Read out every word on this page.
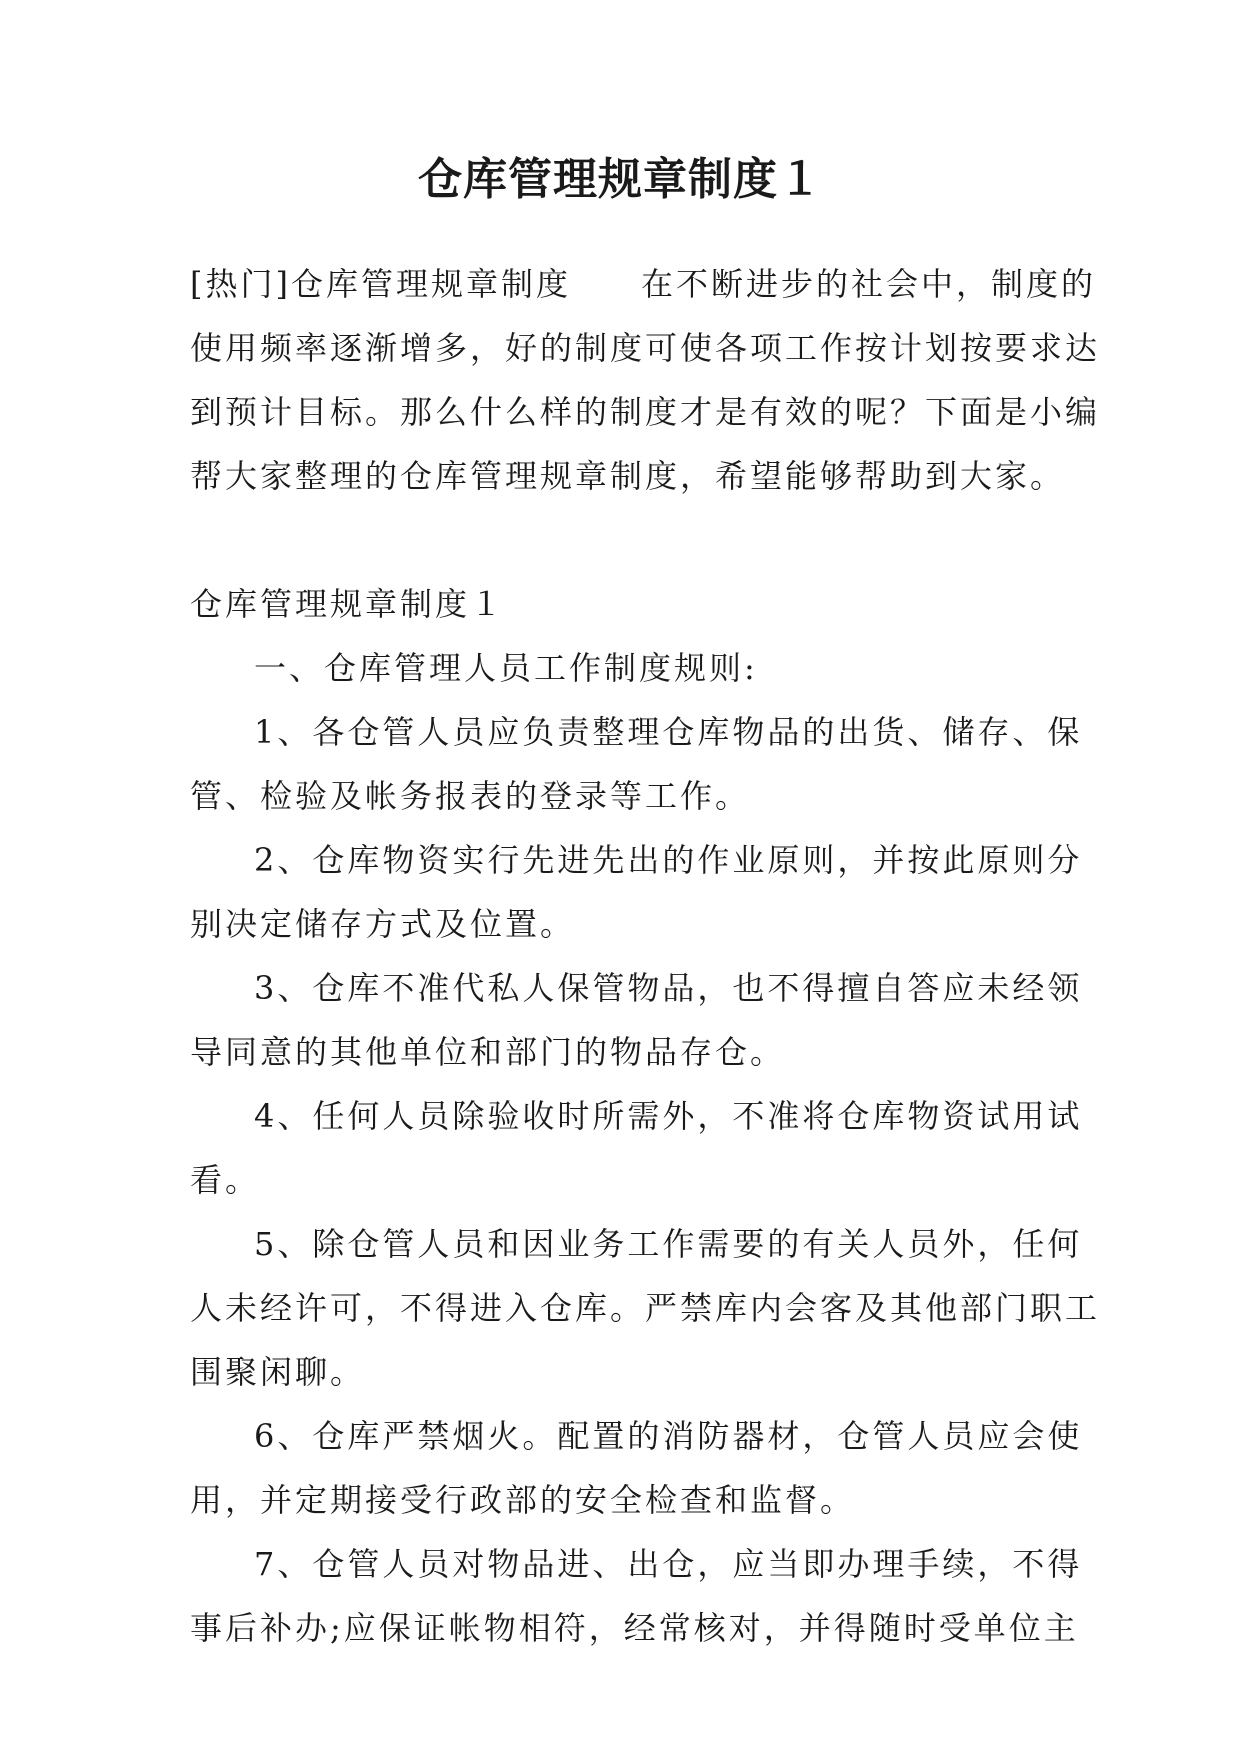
仓库管理规章制度１
[热门]仓库管理规章制度　　在不断进步的社会中，制度的
使用频率逐渐增多，好的制度可使各项工作按计划按要求达
到预计目标。那么什么样的制度才是有效的呢？下面是小编
帮大家整理的仓库管理规章制度，希望能够帮助到大家。
仓库管理规章制度１
一、仓库管理人员工作制度规则:
1、各仓管人员应负责整理仓库物品的出货、储存、保
管、检验及帐务报表的登录等工作。
2、仓库物资实行先进先出的作业原则，并按此原则分
别决定储存方式及位置。
3、仓库不准代私人保管物品，也不得擅自答应未经领
导同意的其他单位和部门的物品存仓。
4、任何人员除验收时所需外，不准将仓库物资试用试
看。
5、除仓管人员和因业务工作需要的有关人员外，任何
人未经许可，不得进入仓库。严禁库内会客及其他部门职工
围聚闲聊。
6、仓库严禁烟火。配置的消防器材，仓管人员应会使
用，并定期接受行政部的安全检查和监督。
7、仓管人员对物品进、出仓，应当即办理手续，不得
事后补办;应保证帐物相符，经常核对，并得随时受单位主
